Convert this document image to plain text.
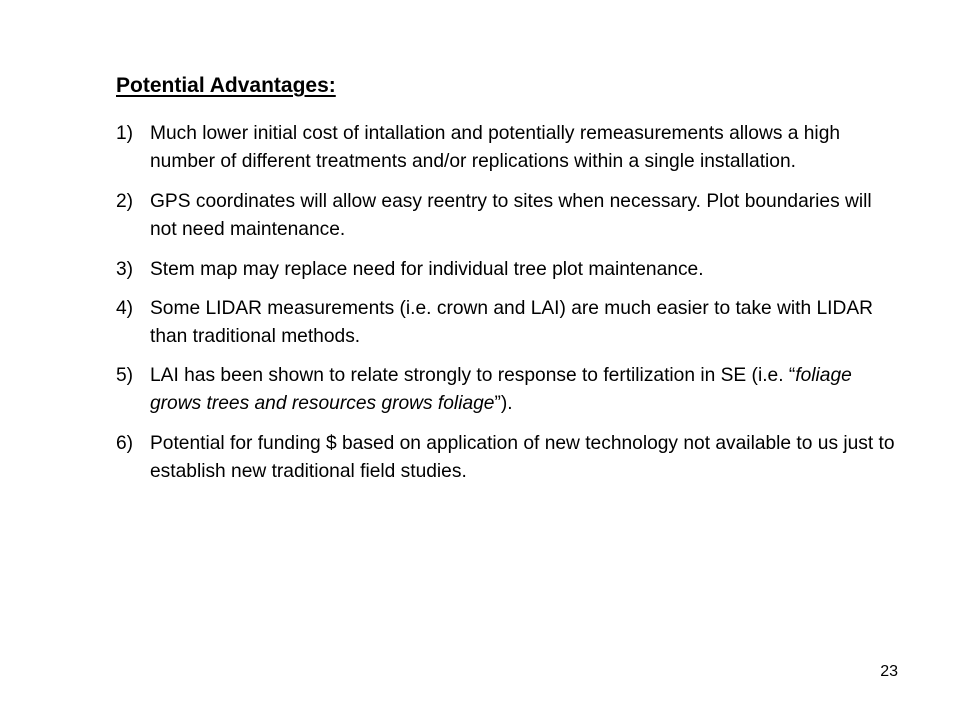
Potential Advantages:
1) Much lower initial cost of intallation and potentially remeasurements allows a high number of different treatments and/or replications within a single installation.
2) GPS coordinates will allow easy reentry to sites when necessary. Plot boundaries will not need maintenance.
3) Stem map may replace need for individual tree plot maintenance.
4) Some LIDAR measurements (i.e. crown and LAI) are much easier to take with LIDAR than traditional methods.
5) LAI has been shown to relate strongly to response to fertilization in SE (i.e. “foliage grows trees and resources grows foliage”).
6) Potential for funding $ based on application of new technology not available to us just to establish new traditional field studies.
23
